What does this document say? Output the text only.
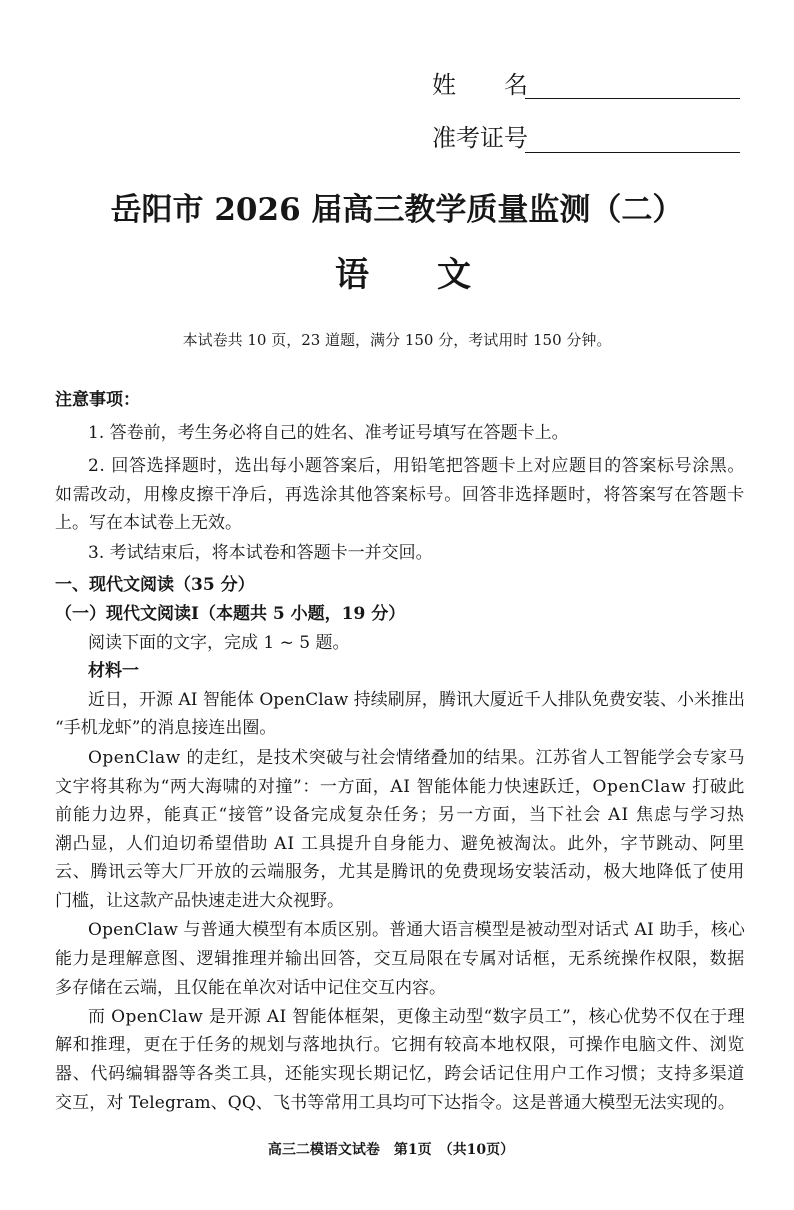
姓　　名
准考证号
岳阳市 2026 届高三教学质量监测（二）
语　　文
本试卷共 10 页，23 道题，满分 150 分，考试用时 150 分钟。
注意事项：
1. 答卷前，考生务必将自己的姓名、准考证号填写在答题卡上。
2. 回答选择题时，选出每小题答案后，用铅笔把答题卡上对应题目的答案标号涂黑。
如需改动，用橡皮擦干净后，再选涂其他答案标号。回答非选择题时，将答案写在答题卡
上。写在本试卷上无效。
3. 考试结束后，将本试卷和答题卡一并交回。
一、现代文阅读（35 分）
（一）现代文阅读I（本题共 5 小题，19 分）
阅读下面的文字，完成 1 ~ 5 题。
材料一
近日，开源 AI 智能体 OpenClaw 持续刷屏，腾讯大厦近千人排队免费安装、小米推出
“手机龙虾”的消息接连出圈。
OpenClaw 的走红，是技术突破与社会情绪叠加的结果。江苏省人工智能学会专家马
文宇将其称为“两大海啸的对撞”：一方面，AI 智能体能力快速跃迁，OpenClaw 打破此
前能力边界，能真正“接管”设备完成复杂任务；另一方面，当下社会 AI 焦虑与学习热
潮凸显，人们迫切希望借助 AI 工具提升自身能力、避免被淘汰。此外，字节跳动、阿里
云、腾讯云等大厂开放的云端服务，尤其是腾讯的免费现场安装活动，极大地降低了使用
门槛，让这款产品快速走进大众视野。
OpenClaw 与普通大模型有本质区别。普通大语言模型是被动型对话式 AI 助手，核心
能力是理解意图、逻辑推理并输出回答，交互局限在专属对话框，无系统操作权限，数据
多存储在云端，且仅能在单次对话中记住交互内容。
而 OpenClaw 是开源 AI 智能体框架，更像主动型“数字员工”，核心优势不仅在于理
解和推理，更在于任务的规划与落地执行。它拥有较高本地权限，可操作电脑文件、浏览
器、代码编辑器等各类工具，还能实现长期记忆，跨会话记住用户工作习惯；支持多渠道
交互，对 Telegram、QQ、飞书等常用工具均可下达指令。这是普通大模型无法实现的。
高三二模语文试卷　第1页　（共10页）
